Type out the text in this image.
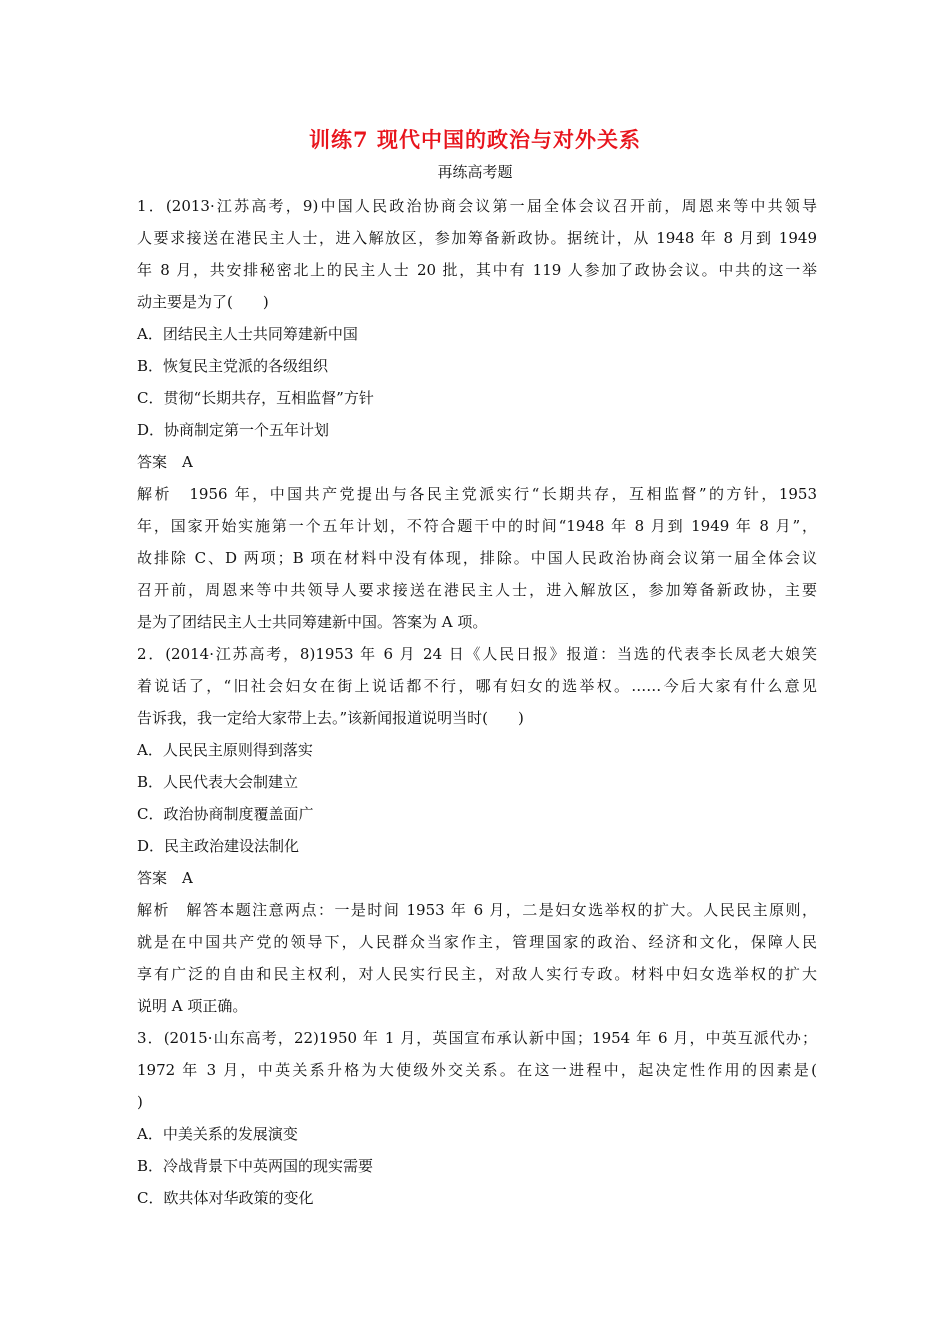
训练7 现代中国的政治与对外关系
再练高考题
1．(2013·江苏高考，9)中国人民政治协商会议第一届全体会议召开前，周恩来等中共领导
人要求接送在港民主人士，进入解放区，参加筹备新政协。据统计，从 1948 年 8 月到 1949
年 8 月，共安排秘密北上的民主人士 20 批，其中有 119 人参加了政协会议。中共的这一举
动主要是为了(　　)
A．团结民主人士共同筹建新中国
B．恢复民主党派的各级组织
C．贯彻“长期共存，互相监督”方针
D．协商制定第一个五年计划
答案　A
解析　1956 年，中国共产党提出与各民主党派实行“长期共存，互相监督”的方针，1953
年，国家开始实施第一个五年计划，不符合题干中的时间“1948 年 8 月到 1949 年 8 月”，
故排除 C、D 两项；B 项在材料中没有体现，排除。中国人民政治协商会议第一届全体会议
召开前，周恩来等中共领导人要求接送在港民主人士，进入解放区，参加筹备新政协，主要
是为了团结民主人士共同筹建新中国。答案为 A 项。
2．(2014·江苏高考，8)1953 年 6 月 24 日《人民日报》报道：当选的代表李长凤老大娘笑
着说话了，“旧社会妇女在街上说话都不行，哪有妇女的选举权。……今后大家有什么意见
告诉我，我一定给大家带上去。”该新闻报道说明当时(　　)
A．人民民主原则得到落实
B．人民代表大会制建立
C．政治协商制度覆盖面广
D．民主政治建设法制化
答案　A
解析　解答本题注意两点：一是时间 1953 年 6 月，二是妇女选举权的扩大。人民民主原则，
就是在中国共产党的领导下，人民群众当家作主，管理国家的政治、经济和文化，保障人民
享有广泛的自由和民主权利，对人民实行民主，对敌人实行专政。材料中妇女选举权的扩大
说明 A 项正确。
3．(2015·山东高考，22)1950 年 1 月，英国宣布承认新中国；1954 年 6 月，中英互派代办；
1972 年 3 月，中英关系升格为大使级外交关系。在这一进程中，起决定性作用的因素是(
)
A．中美关系的发展演变
B．冷战背景下中英两国的现实需要
C．欧共体对华政策的变化
